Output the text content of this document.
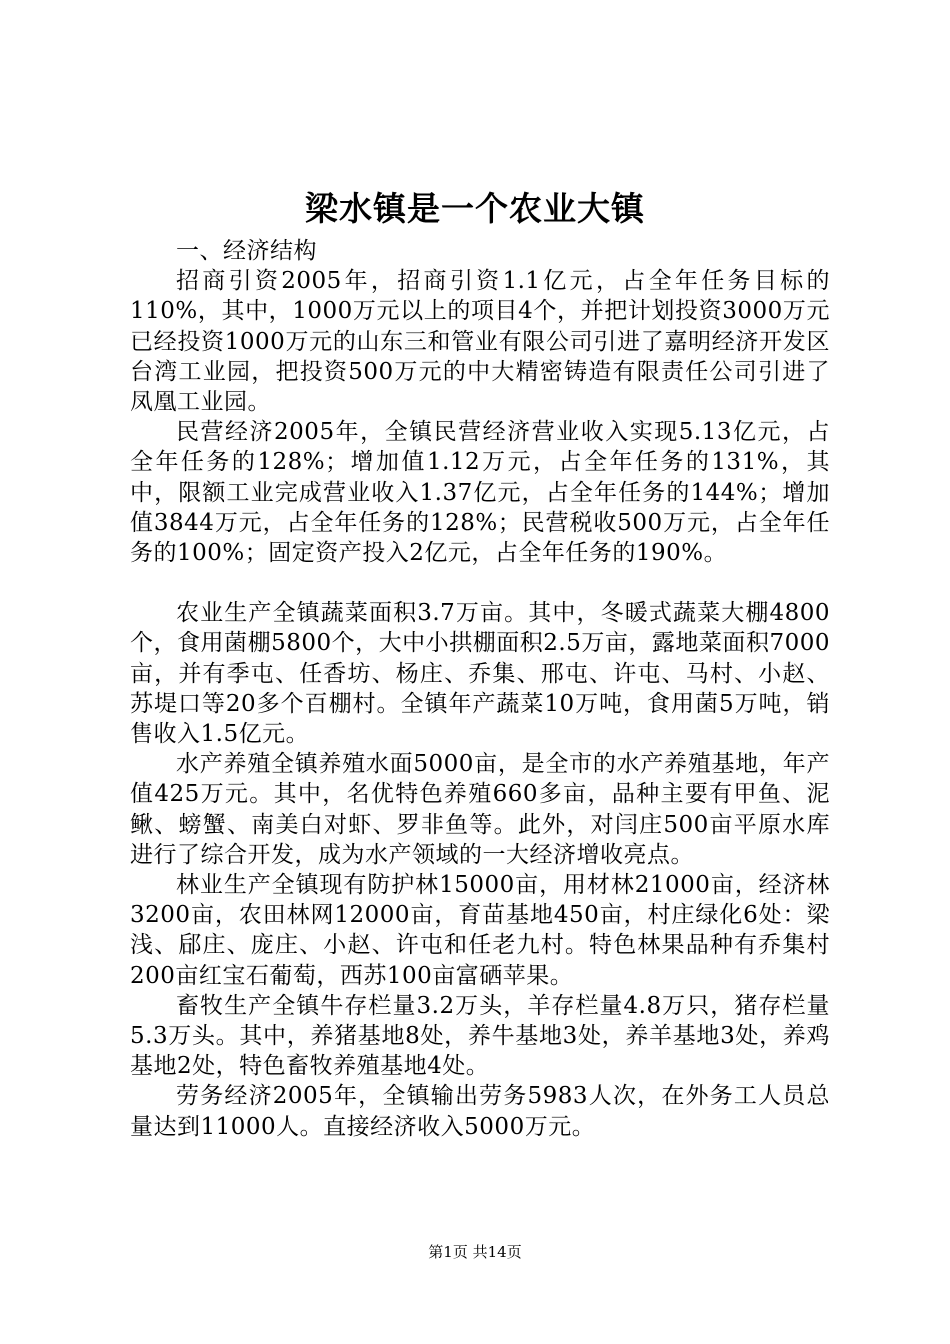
梁水镇是一个农业大镇

一、经济结构

招商引资2005年，招商引资1.1亿元，占全年任务目标的110%，其中，1000万元以上的项目4个，并把计划投资3000万元已经投资1000万元的山东三和管业有限公司引进了嘉明经济开发区台湾工业园，把投资500万元的中大精密铸造有限责任公司引进了凤凰工业园。

民营经济2005年，全镇民营经济营业收入实现5.13亿元，占全年任务的128%；增加值1.12万元，占全年任务的131%，其中，限额工业完成营业收入1.37亿元，占全年任务的144%；增加值3844万元，占全年任务的128%；民营税收500万元，占全年任务的100%；固定资产投入2亿元，占全年任务的190%。

农业生产全镇蔬菜面积3.7万亩。其中，冬暖式蔬菜大棚4800个，食用菌棚5800个，大中小拱棚面积2.5万亩，露地菜面积7000亩，并有季屯、任香坊、杨庄、乔集、邢屯、许屯、马村、小赵、苏堤口等20多个百棚村。全镇年产蔬菜10万吨，食用菌5万吨，销售收入1.5亿元。

水产养殖全镇养殖水面5000亩，是全市的水产养殖基地，年产值425万元。其中，名优特色养殖660多亩，品种主要有甲鱼、泥鳅、螃蟹、南美白对虾、罗非鱼等。此外，对闫庄500亩平原水库进行了综合开发，成为水产领域的一大经济增收亮点。

林业生产全镇现有防护林15000亩，用材林21000亩，经济林3200亩，农田林网12000亩，育苗基地450亩，村庄绿化6处：梁浅、郈庄、庞庄、小赵、许屯和任老九村。特色林果品种有乔集村200亩红宝石葡萄，西苏100亩富硒苹果。

畜牧生产全镇牛存栏量3.2万头，羊存栏量4.8万只，猪存栏量5.3万头。其中，养猪基地8处，养牛基地3处，养羊基地3处，养鸡基地2处，特色畜牧养殖基地4处。

劳务经济2005年，全镇输出劳务5983人次，在外务工人员总量达到11000人。直接经济收入5000万元。

第1页 共14页
